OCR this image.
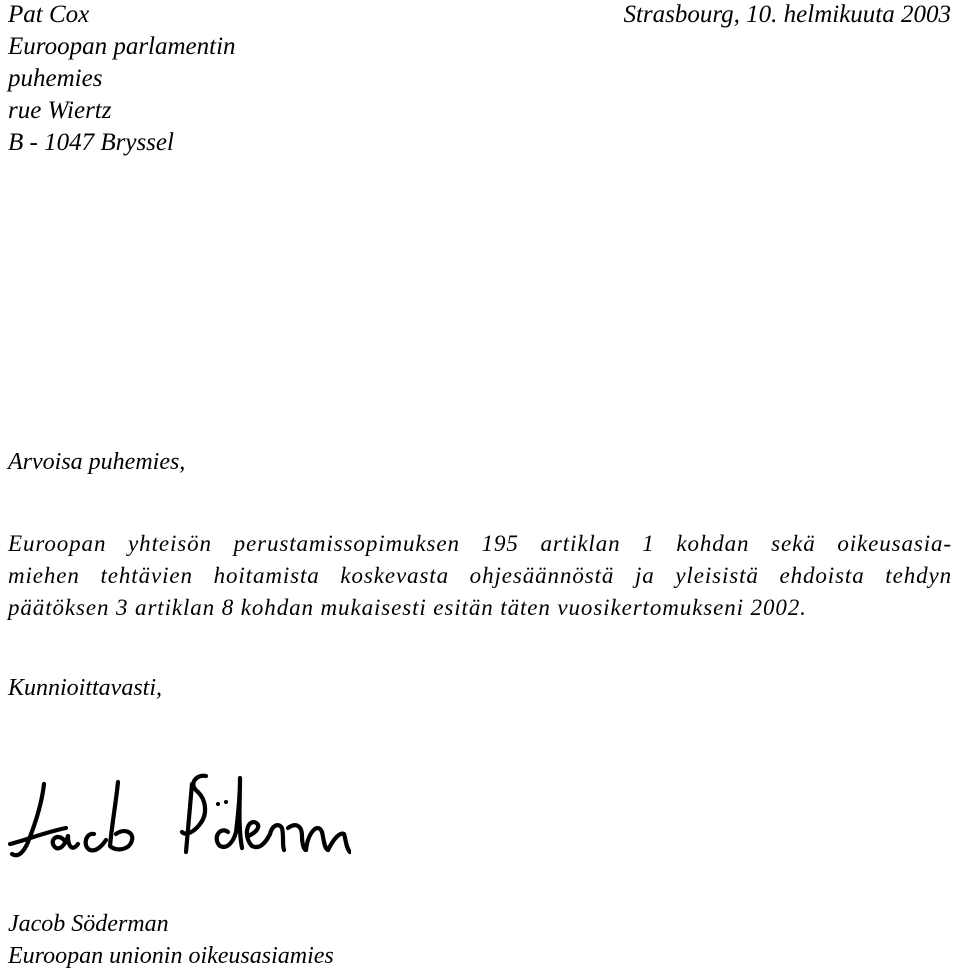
Pat Cox
Euroopan parlamentin
puhemies
rue Wiertz
B - 1047 Bryssel
Strasbourg, 10. helmikuuta 2003
Arvoisa puhemies,
Euroopan yhteisön perustamissopimuksen 195 artiklan 1 kohdan sekä oikeusasia-
miehen tehtävien hoitamista koskevasta ohjesäännöstä ja yleisistä ehdoista tehdyn
päätöksen 3 artiklan 8 kohdan mukaisesti esitän täten vuosikertomukseni 2002.
Kunnioittavasti,
Jacob Söderman
Euroopan unionin oikeusasiamies
